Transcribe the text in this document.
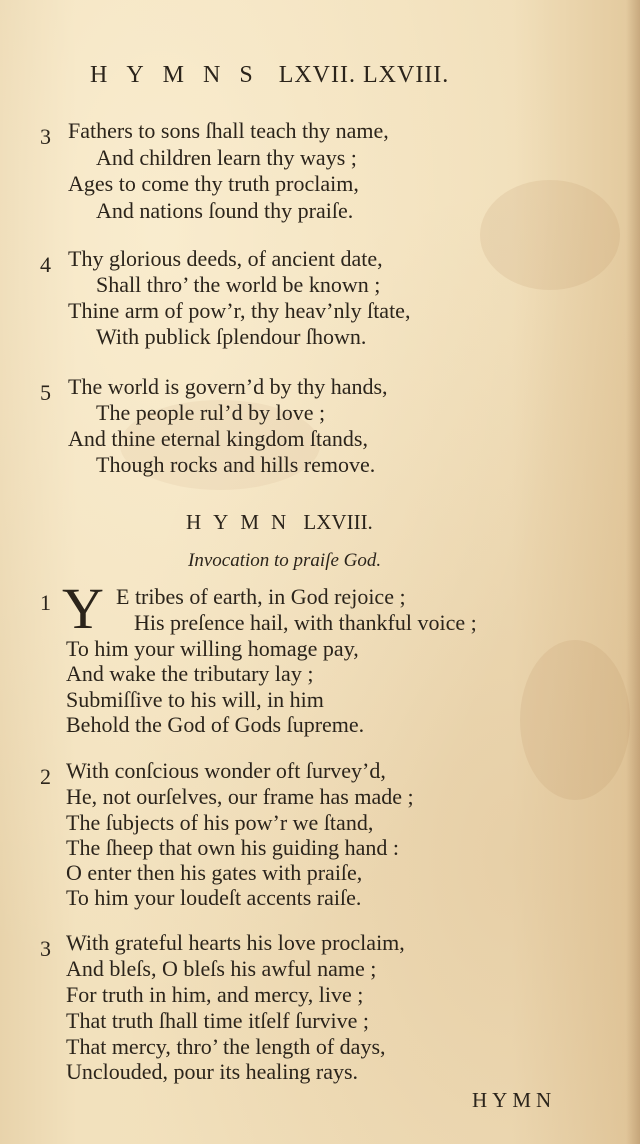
HYMNS LXVII. LXVIII.
3 Fathers to sons ſhall teach thy name,
And children learn thy ways ;
Ages to come thy truth proclaim,
And nations ſound thy praiſe.
4 Thy glorious deeds, of ancient date,
Shall thro’ the world be known ;
Thine arm of pow’r, thy heav’nly ſtate,
With publick ſplendour ſhown.
5 The world is govern’d by thy hands,
The people rul’d by love ;
And thine eternal kingdom ſtands,
Though rocks and hills remove.
HYMN LXVIII.
Invocation to praiſe God.
1 Y E tribes of earth, in God rejoice ;
His preſence hail, with thankful voice ;
To him your willing homage pay,
And wake the tributary lay ;
Submiſſive to his will, in him
Behold the God of Gods ſupreme.
2 With conſcious wonder oft ſurvey’d,
He, not ourſelves, our frame has made ;
The ſubjects of his pow’r we ſtand,
The ſheep that own his guiding hand :
O enter then his gates with praiſe,
To him your loudeſt accents raiſe.
3 With grateful hearts his love proclaim,
And bleſs, O bleſs his awful name ;
For truth in him, and mercy, live ;
That truth ſhall time itſelf ſurvive ;
That mercy, thro’ the length of days,
Unclouded, pour its healing rays.
HYMN
